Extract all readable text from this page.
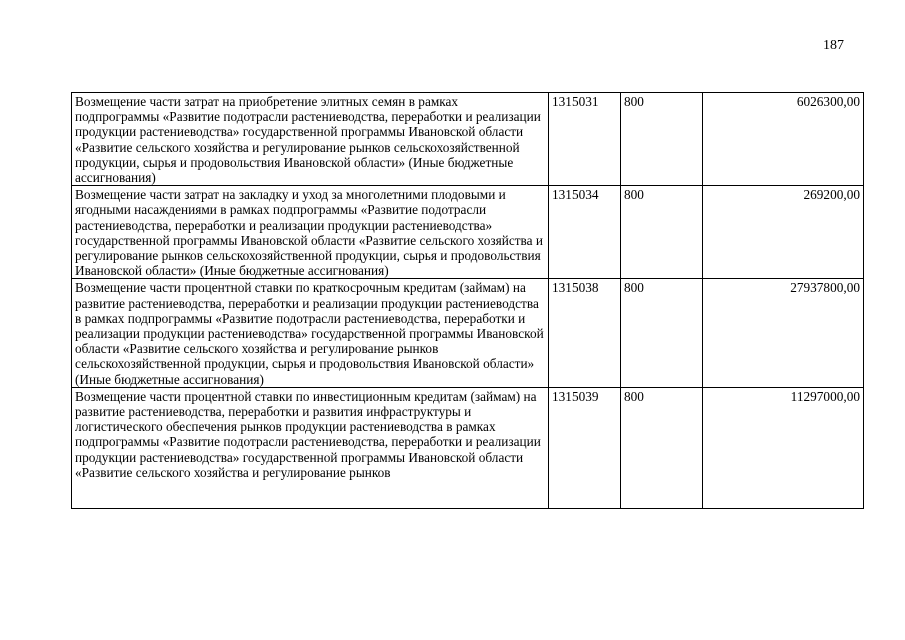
187
Возмещение части затрат на приобретение элитных семян в рамках подпрограммы «Развитие подотрасли растениеводства, переработки и реализации продукции растениеводства» государственной программы Ивановской области «Развитие сельского хозяйства и регулирование рынков сельскохозяйственной продукции, сырья и продовольствия Ивановской области» (Иные бюджетные ассигнования)	1315031	800	6026300,00
Возмещение части затрат на закладку и уход за многолетними плодовыми и ягодными насаждениями в рамках подпрограммы «Развитие подотрасли растениеводства, переработки и реализации продукции растениеводства» государственной программы Ивановской области «Развитие сельского хозяйства и регулирование рынков сельскохозяйственной продукции, сырья и продовольствия Ивановской области» (Иные бюджетные ассигнования)	1315034	800	269200,00
Возмещение части процентной ставки по краткосрочным кредитам (займам) на развитие растениеводства, переработки и реализации продукции растениеводства в рамках подпрограммы «Развитие подотрасли растениеводства, переработки и реализации продукции растениеводства» государственной программы Ивановской области «Развитие сельского хозяйства и регулирование рынков сельскохозяйственной продукции, сырья и продовольствия Ивановской области» (Иные бюджетные ассигнования)	1315038	800	27937800,00
Возмещение части процентной ставки по инвестиционным кредитам (займам) на развитие растениеводства, переработки и развития инфраструктуры и логистического обеспечения рынков продукции растениеводства в рамках подпрограммы «Развитие подотрасли растениеводства, переработки и реализации продукции растениеводства» государственной программы Ивановской области «Развитие сельского хозяйства и регулирование рынков	1315039	800	11297000,00
